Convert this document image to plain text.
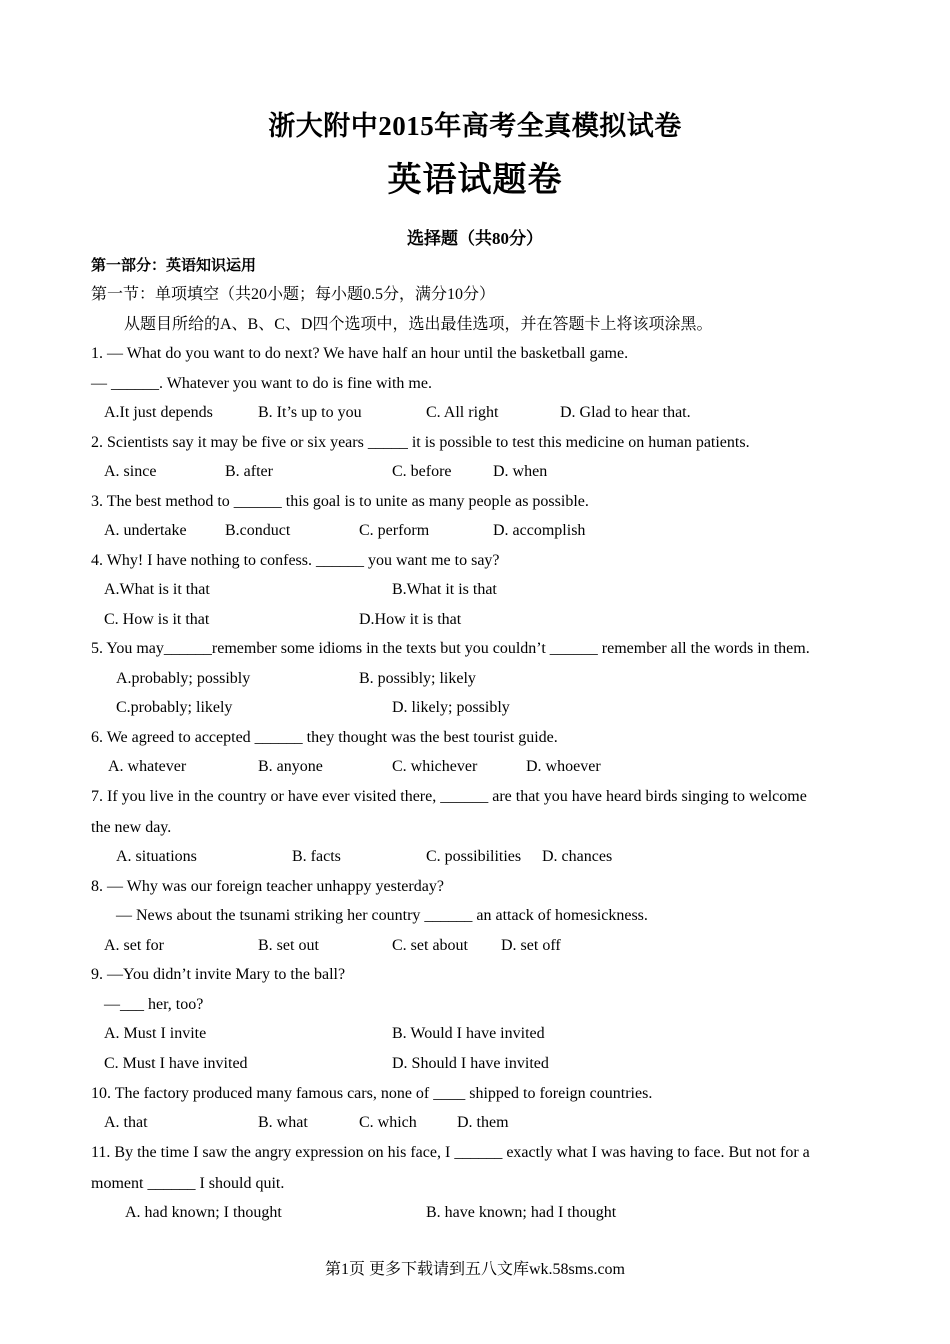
浙大附中2015年高考全真模拟试卷
英语试题卷
选择题（共80分）
第一部分：英语知识运用
第一节：单项填空（共20小题；每小题0.5分，满分10分）
从题目所给的A、B、C、D四个选项中，选出最佳选项，并在答题卡上将该项涂黑。
1. — What do you want to do next? We have half an hour until the basketball game.
— ______. Whatever you want to do is fine with me.
A.It just depends	B. It’s up to you	C. All right	D. Glad to hear that.
2. Scientists say it may be five or six years _____ it is possible to test this medicine on human patients.
A. since	B. after	C. before	D. when
3. The best method to ______ this goal is to unite as many people as possible.
A. undertake B.conduct	C. perform	D. accomplish
4. Why! I have nothing to confess. ______ you want me to say?
A.What is it that	B.What it is that
C. How is it that	D.How it is that
5. You may______remember some idioms in the texts but you couldn’t ______ remember all the words in them.
A.probably; possibly	B. possibly; likely
C.probably; likely	D. likely; possibly
6. We agreed to accepted ______ they thought was the best tourist guide.
A. whatever	B. anyone	C. whichever	D. whoever
7. If you live in the country or have ever visited there, ______ are that you have heard birds singing to welcome
the new day.
A. situations	B. facts	C. possibilities D. chances
8. — Why was our foreign teacher unhappy yesterday?
— News about the tsunami striking her country ______ an attack of homesickness.
A. set for	B. set out	C. set about D. set off
9. —You didn’t invite Mary to the ball?
—___ her, too?
A. Must I invite	B. Would I have invited
C. Must I have invited	D. Should I have invited
10. The factory produced many famous cars, none of ____ shipped to foreign countries.
A. that	B. what	C. which	D. them
11. By the time I saw the angry expression on his face, I ______ exactly what I was having to face. But not for a
moment ______ I should quit.
A. had known; I thought	B. have known; had I thought
第1页 更多下载请到五八文库wk.58sms.com
